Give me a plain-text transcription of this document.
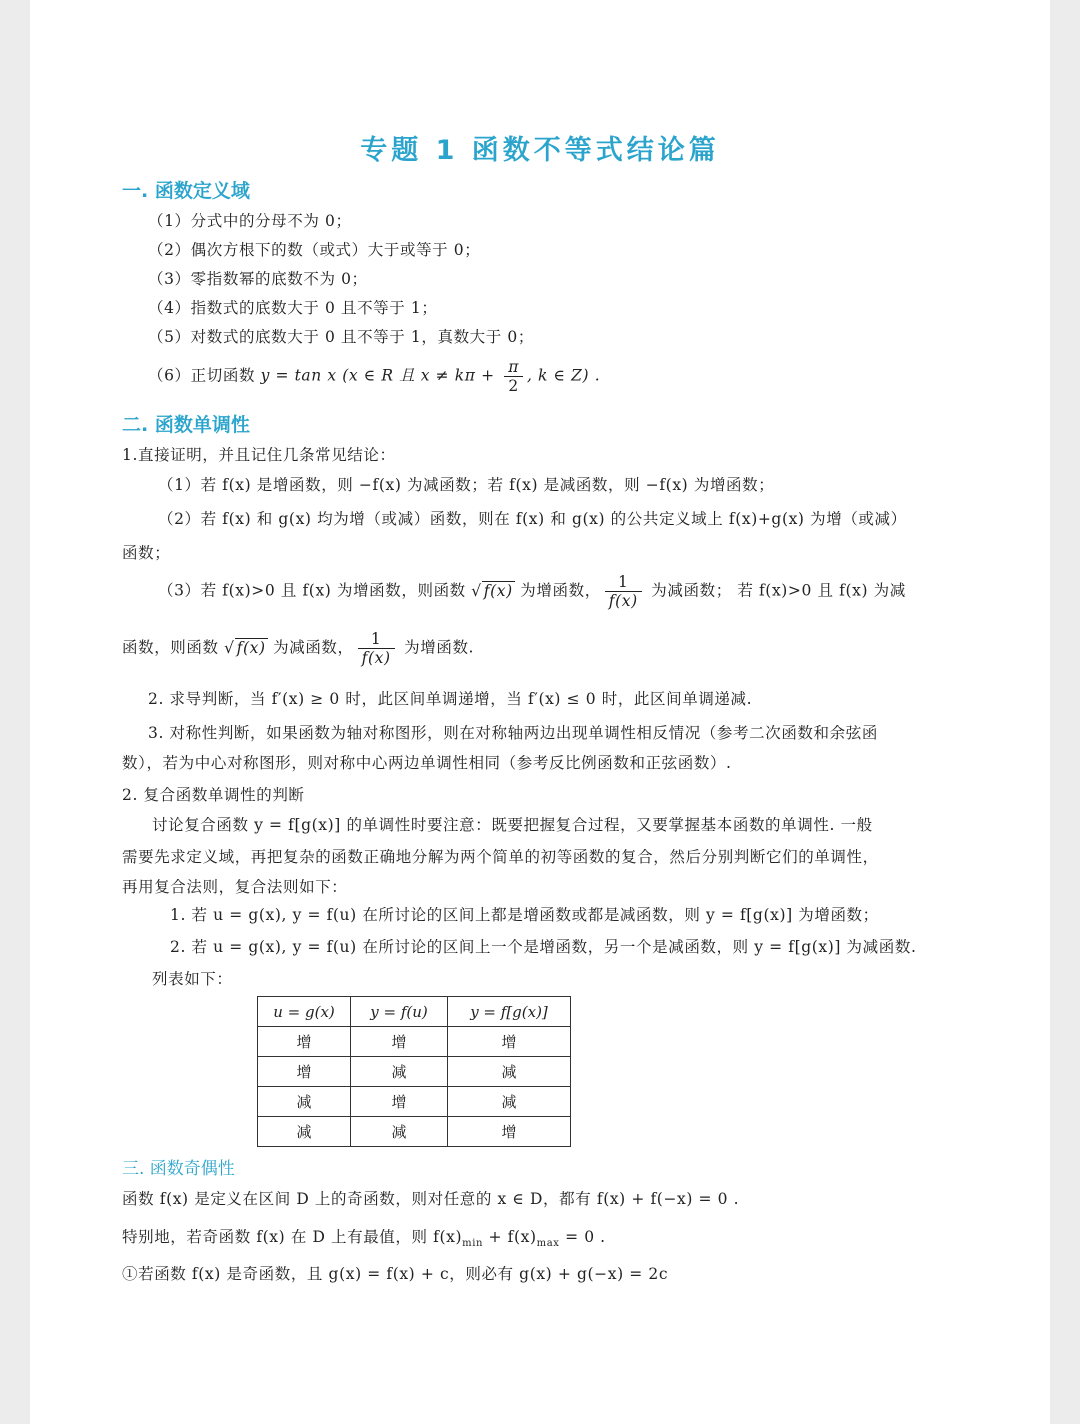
专题 1 函数不等式结论篇
一. 函数定义域
（1）分式中的分母不为 0；
（2）偶次方根下的数（或式）大于或等于 0；
（3）零指数幂的底数不为 0；
（4）指数式的底数大于 0 且不等于 1；
（5）对数式的底数大于 0 且不等于 1，真数大于 0；
（6）正切函数 y = tan x (x ∈ R 且 $x \ne k\pi + \frac{\pi}{2}$ , k ∈ Z) .
二. 函数单调性
1.直接证明，并且记住几条常见结论：
（1）若 f(x) 是增函数，则 −f(x) 为减函数；若 f(x) 是减函数，则 −f(x) 为增函数；
（2）若 f(x) 和 g(x) 均为增（或减）函数，则在 f(x) 和 g(x) 的公共定义域上 f(x)+g(x) 为增（或减）
函数；
（3）若 f(x)>0 且 f(x) 为增函数，则函数 √ f(x) 为增函数， $\frac{1}{f(x)}$ 为减函数； 若 f(x)>0 且 f(x) 为减
函数，则函数 √ f(x) 为减函数， $\frac{1}{f(x)}$ 为增函数.
2. 求导判断，当 f′(x) ≥ 0 时，此区间单调递增，当 f′(x) ≤ 0 时，此区间单调递减.
3. 对称性判断，如果函数为轴对称图形，则在对称轴两边出现单调性相反情况（参考二次函数和余弦函
数），若为中心对称图形，则对称中心两边单调性相同（参考反比例函数和正弦函数）.
2. 复合函数单调性的判断
讨论复合函数 y = f[g(x)] 的单调性时要注意：既要把握复合过程，又要掌握基本函数的单调性. 一般
需要先求定义域，再把复杂的函数正确地分解为两个简单的初等函数的复合，然后分别判断它们的单调性，
再用复合法则，复合法则如下：
1. 若 u = g(x), y = f(u) 在所讨论的区间上都是增函数或都是减函数，则 y = f[g(x)] 为增函数；
2. 若 u = g(x), y = f(u) 在所讨论的区间上一个是增函数，另一个是减函数，则 y = f[g(x)] 为减函数.
列表如下：
u = g(x)	y = f(u)	y = f[g(x)]
增	增	增
增	减	减
减	增	减
减	减	增
三. 函数奇偶性
函数 f(x) 是定义在区间 D 上的奇函数，则对任意的 x ∈ D，都有 f(x) + f(−x) = 0 .
特别地，若奇函数 f(x) 在 D 上有最值，则 $f(x)_{min} + f(x)_{max} = 0$ .
①若函数 f(x) 是奇函数，且 g(x) = f(x) + c，则必有 g(x) + g(−x) = 2c
